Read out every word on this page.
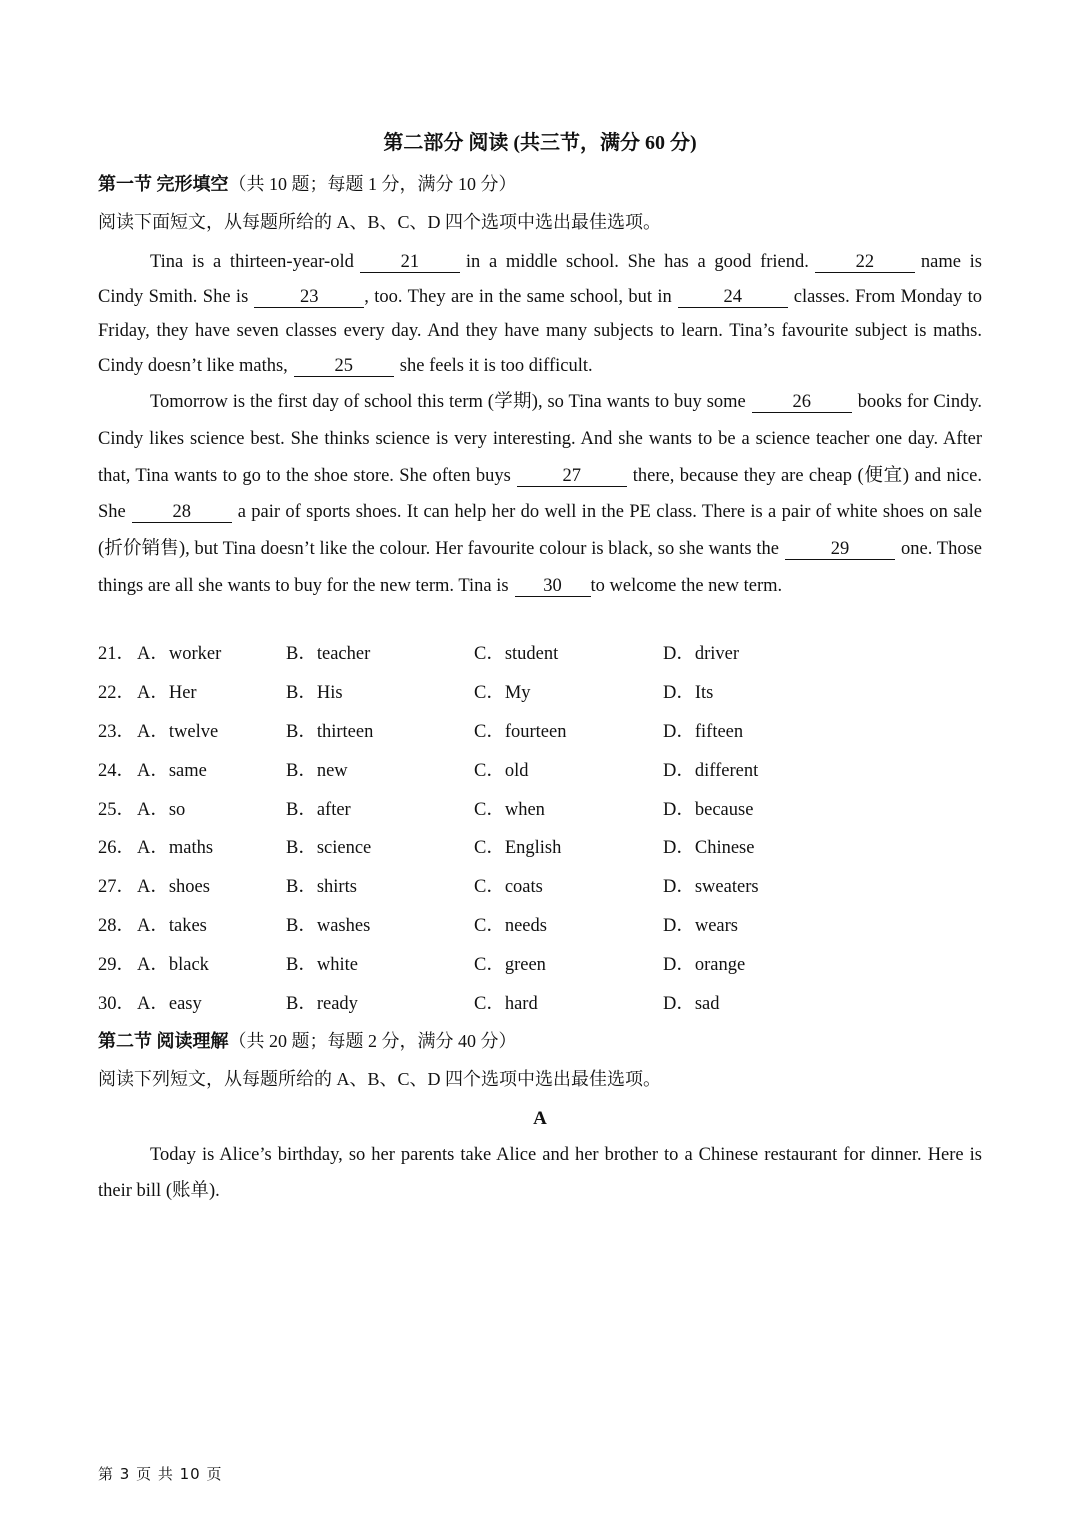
第二部分 阅读 (共三节，满分 60 分)
第一节 完形填空（共 10 题；每题 1 分，满分 10 分）
阅读下面短文，从每题所给的 A、B、C、D 四个选项中选出最佳选项。
Tina is a thirteen-year-old	21	in a middle school. She has a good friend.	22	name is Cindy Smith. She is	23 , too. They are in the same school, but in	24	classes. From Monday to Friday, they have seven classes every day. And they have many subjects to learn. Tina’s favourite subject is maths. Cindy doesn’t like maths,	25	she feels it is too difficult.
Tomorrow is the first day of school this term (学期), so Tina wants to buy some	26	books for Cindy. Cindy likes science best. She thinks science is very interesting. And she wants to be a science teacher one day. After that, Tina wants to go to the shoe store. She often buys	27	there, because they are cheap (便宜) and nice. She	28	a pair of sports shoes. It can help her do well in the PE class. There is a pair of white shoes on sale (折价销售), but Tina doesn’t like the colour. Her favourite colour is black, so she wants the	29	one. Those things are all she wants to buy for the new term. Tina is 30 to welcome the new term.
21． A．worker	B．teacher	C．student	D．driver
22． A．Her	B．His	C．My	D．Its
23． A．twelve	B．thirteen	C．fourteen	D．fifteen
24． A．same	B．new	C．old	D．different
25． A．so	B．after	C．when	D．because
26． A．maths	B．science	C．English	D．Chinese
27． A．shoes	B．shirts	C．coats	D．sweaters
28． A．takes	B．washes	C．needs	D．wears
29． A．black	B．white	C．green	D．orange
30． A．easy	B．ready	C．hard	D．sad
第二节 阅读理解（共 20 题；每题 2 分，满分 40 分）
阅读下列短文，从每题所给的 A、B、C、D 四个选项中选出最佳选项。
A
Today is Alice’s birthday, so her parents take Alice and her brother to a Chinese restaurant for dinner. Here is their bill (账单).
第 3 页 共 10 页
